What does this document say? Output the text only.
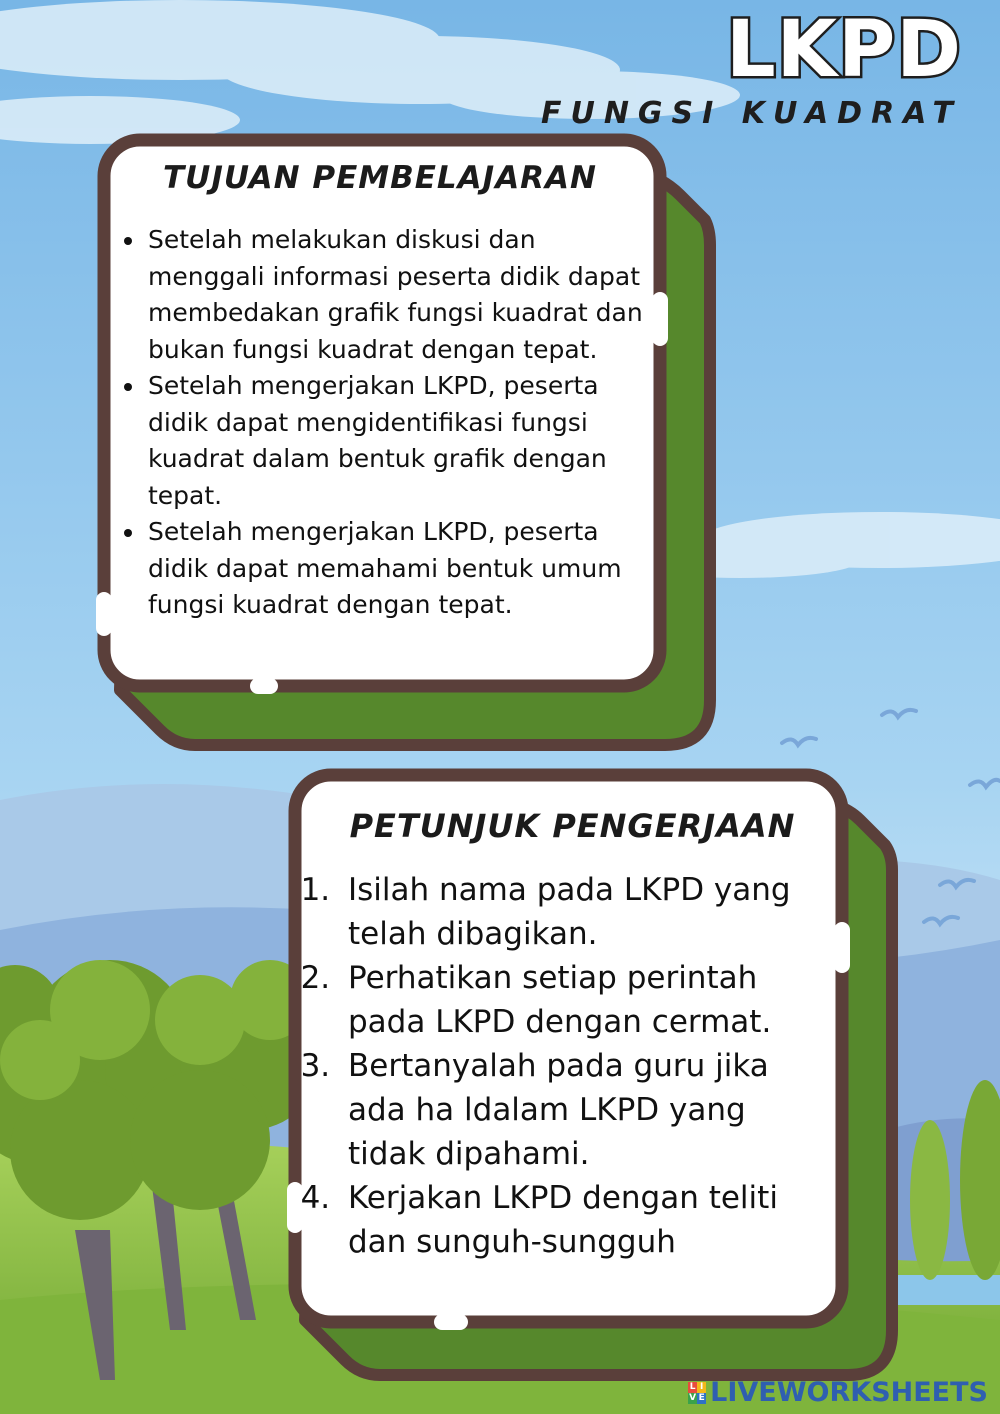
LKPD
FUNGSI KUADRAT
TUJUAN PEMBELAJARAN
• Setelah melakukan diskusi dan menggali informasi peserta didik dapat membedakan grafik fungsi kuadrat dan bukan fungsi kuadrat dengan tepat.
• Setelah mengerjakan LKPD, peserta didik dapat mengidentifikasi fungsi kuadrat dalam bentuk grafik dengan tepat.
• Setelah mengerjakan LKPD, peserta didik dapat memahami bentuk umum fungsi kuadrat dengan tepat.
PETUNJUK PENGERJAAN
1. Isilah nama pada LKPD yang telah dibagikan.
2. Perhatikan setiap perintah pada LKPD dengan cermat.
3. Bertanyalah pada guru jika ada ha ldalam LKPD yang tidak dipahami.
4. Kerjakan LKPD dengan teliti dan sunguh-sungguh
L I
V E LIVEWORKSHEETS
